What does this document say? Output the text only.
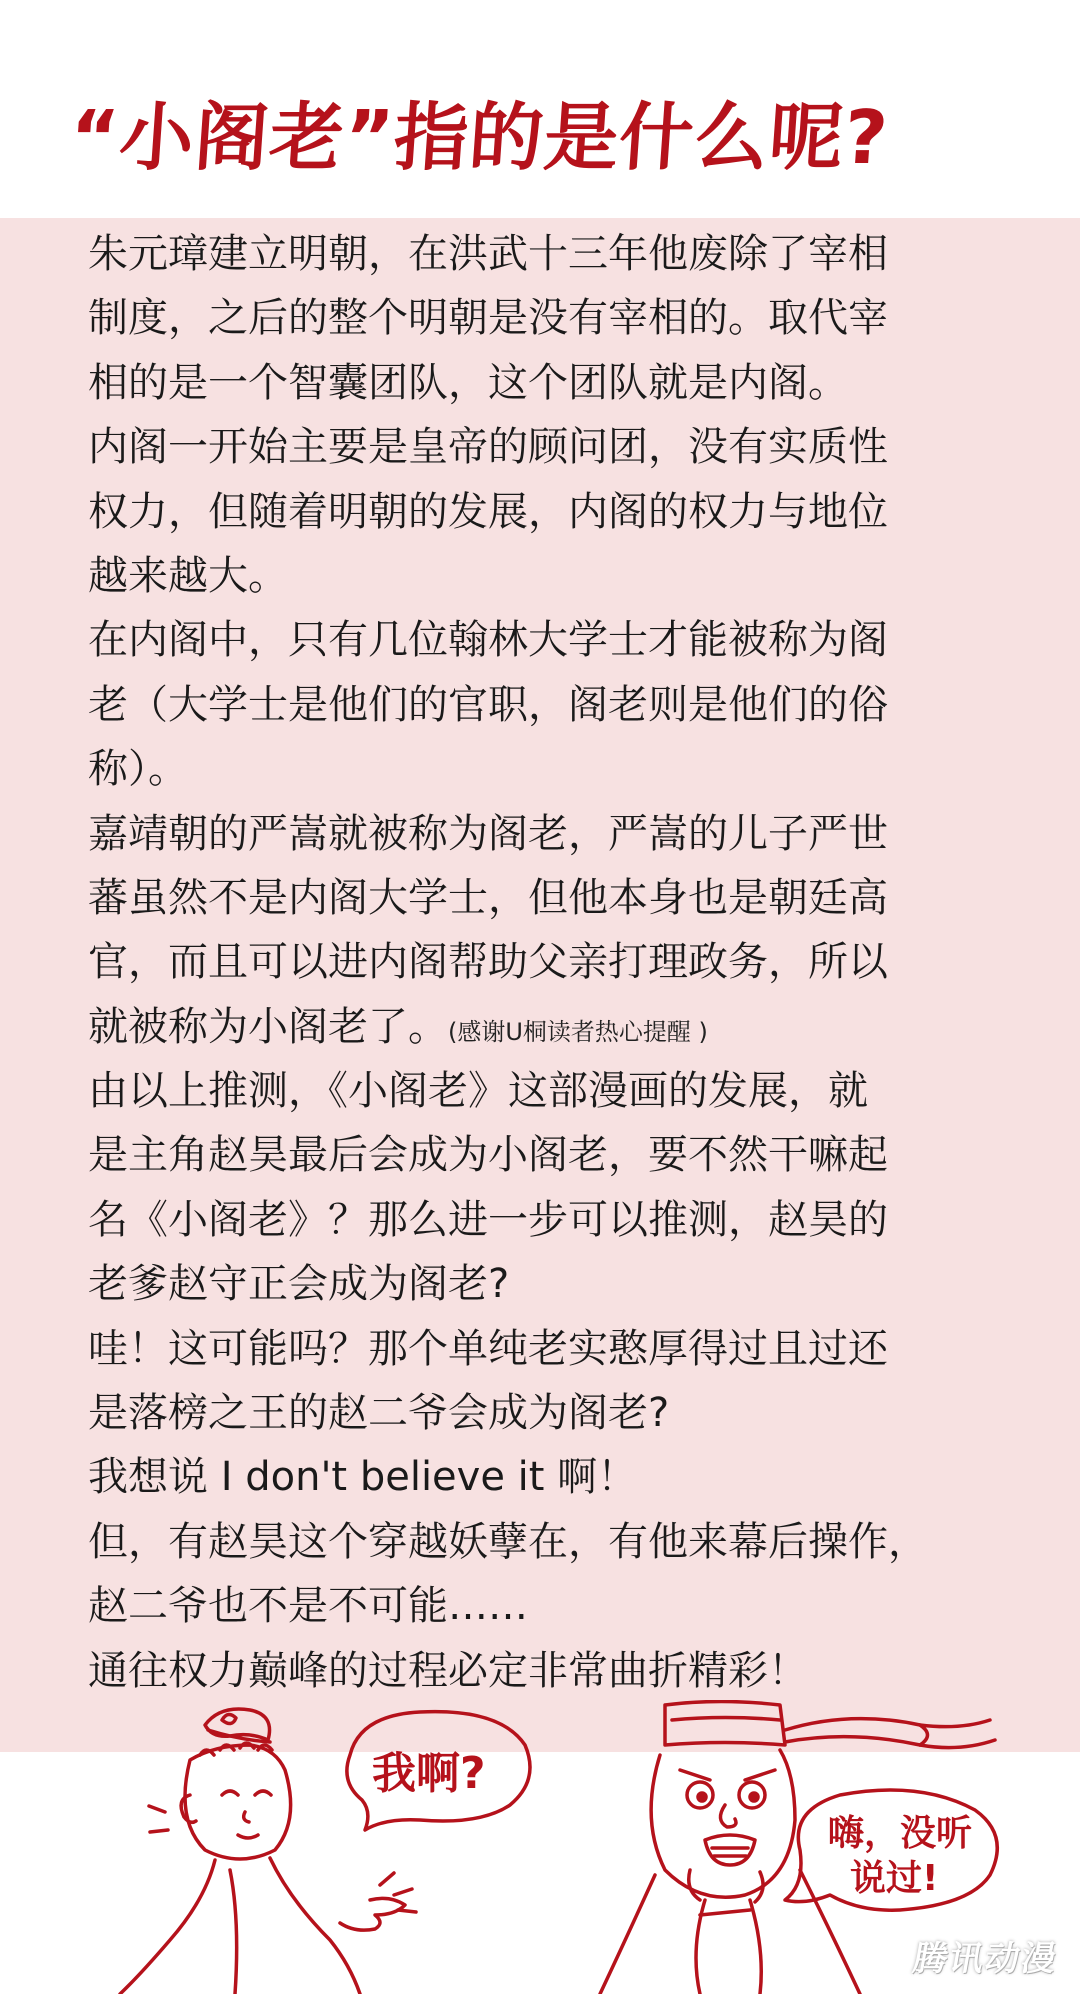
“小阁老”指的是什么呢?
朱元璋建立明朝，在洪武十三年他废除了宰相
制度，之后的整个明朝是没有宰相的。取代宰
相的是一个智囊团队，这个团队就是内阁。
内阁一开始主要是皇帝的顾问团，没有实质性
权力，但随着明朝的发展，内阁的权力与地位
越来越大。
在内阁中，只有几位翰林大学士才能被称为阁
老（大学士是他们的官职，阁老则是他们的俗
称）。
嘉靖朝的严嵩就被称为阁老，严嵩的儿子严世
蕃虽然不是内阁大学士，但他本身也是朝廷高
官，而且可以进内阁帮助父亲打理政务，所以
就被称为小阁老了。(感谢U桐读者热心提醒 )
由以上推测，《小阁老》这部漫画的发展，就
是主角赵昊最后会成为小阁老，要不然干嘛起
名《小阁老》？那么进一步可以推测，赵昊的
老爹赵守正会成为阁老?
哇！这可能吗？那个单纯老实憨厚得过且过还
是落榜之王的赵二爷会成为阁老?
我想说 I don't believe it 啊！
但，有赵昊这个穿越妖孽在，有他来幕后操作，
赵二爷也不是不可能……
通往权力巅峰的过程必定非常曲折精彩！
我啊?
嗨，没听
说过!
腾讯动漫
